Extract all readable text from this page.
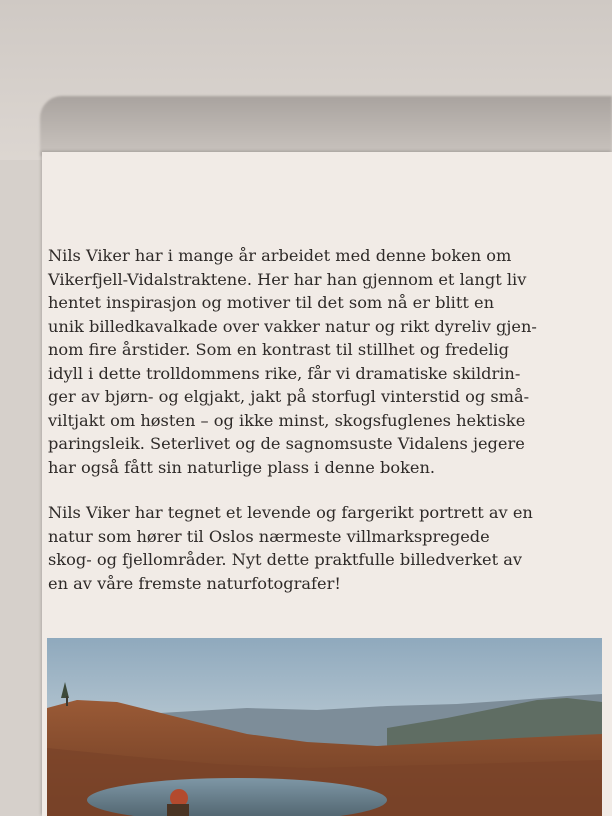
Nils Viker har i mange år arbeidet med denne boken om
Vikerfjell-Vidalstraktene. Her har han gjennom et langt liv
hentet inspirasjon og motiver til det som nå er blitt en
unik billedkavalkade over vakker natur og rikt dyreliv gjen-
nom fire årstider. Som en kontrast til stillhet og fredelig
idyll i dette trolldommens rike, får vi dramatiske skildrin-
ger av bjørn- og elgjakt, jakt på storfugl vinterstid og små-
viltjakt om høsten – og ikke minst, skogsfuglenes hektiske
paringsleik. Seterlivet og de sagnomsuste Vidalens jegere
har også fått sin naturlige plass i denne boken.

Nils Viker har tegnet et levende og fargerikt portrett av en
natur som hører til Oslos nærmeste villmarkspregede
skog- og fjellområder. Nyt dette praktfulle billedverket av
en av våre fremste naturfotografer!
